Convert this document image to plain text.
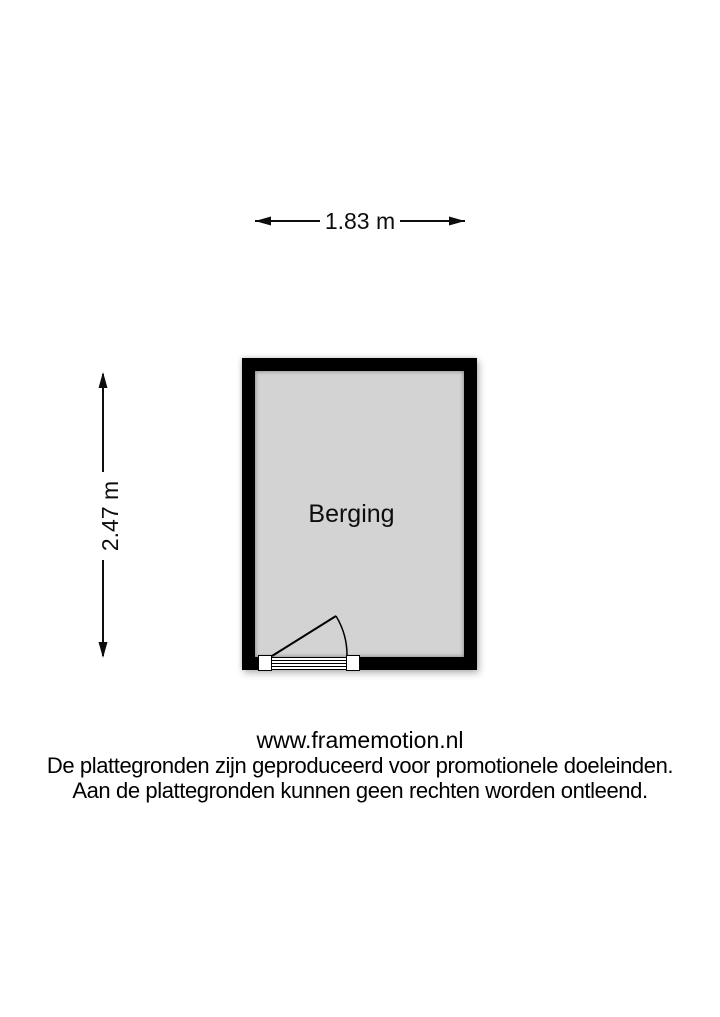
Berging
1.83 m
2.47 m
www.framemotion.nl
De plattegronden zijn geproduceerd voor promotionele doeleinden.
Aan de plattegronden kunnen geen rechten worden ontleend.
